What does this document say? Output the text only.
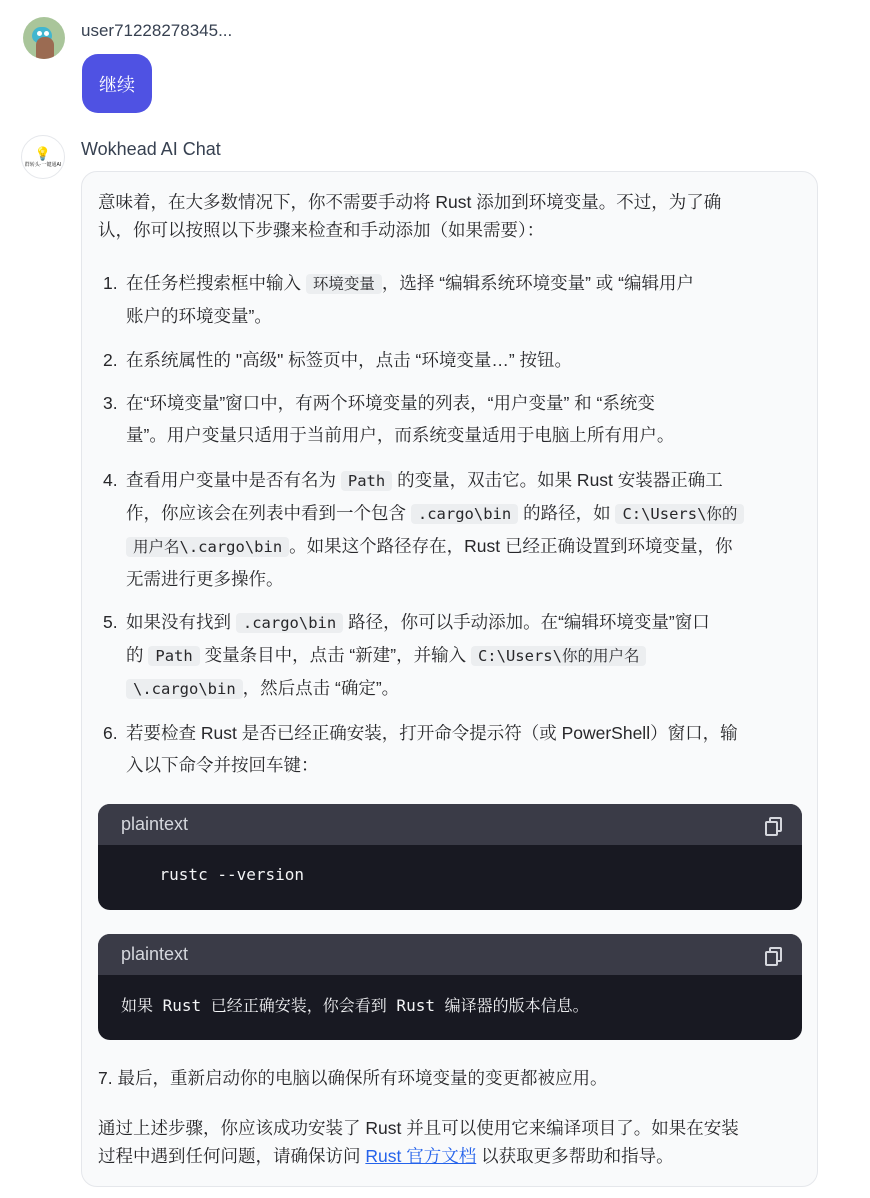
user71228278345...
继续
💡
群转头·一键通AI
Wokhead AI Chat
意味着，在大多数情况下，你不需要手动将 Rust 添加到环境变量。不过，为了确
认，你可以按照以下步骤来检查和手动添加（如果需要）：
1. 在任务栏搜索框中输入 环境变量 ，选择 “编辑系统环境变量” 或 “编辑用户
账户的环境变量”。
2. 在系统属性的 "高级" 标签页中，点击 “环境变量…” 按钮。
3. 在“环境变量”窗口中，有两个环境变量的列表，“用户变量” 和 “系统变
量”。用户变量只适用于当前用户，而系统变量适用于电脑上所有用户。
4. 查看用户变量中是否有名为 Path 的变量，双击它。如果 Rust 安装器正确工
作，你应该会在列表中看到一个包含 .cargo\bin 的路径，如 C:\Users\你的
用户名\.cargo\bin 。如果这个路径存在，Rust 已经正确设置到环境变量，你
无需进行更多操作。
5. 如果没有找到 .cargo\bin 路径，你可以手动添加。在“编辑环境变量”窗口
的 Path 变量条目中，点击 “新建”，并输入 C:\Users\你的用户名
\.cargo\bin ，然后点击 “确定”。
6. 若要检查 Rust 是否已经正确安装，打开命令提示符（或 PowerShell）窗口，输
入以下命令并按回车键：
plaintext
rustc --version
plaintext
如果 Rust 已经正确安装，你会看到 Rust 编译器的版本信息。
7. 最后，重新启动你的电脑以确保所有环境变量的变更都被应用。
通过上述步骤，你应该成功安装了 Rust 并且可以使用它来编译项目了。如果在安装
过程中遇到任何问题，请确保访问 Rust 官方文档 以获取更多帮助和指导。
